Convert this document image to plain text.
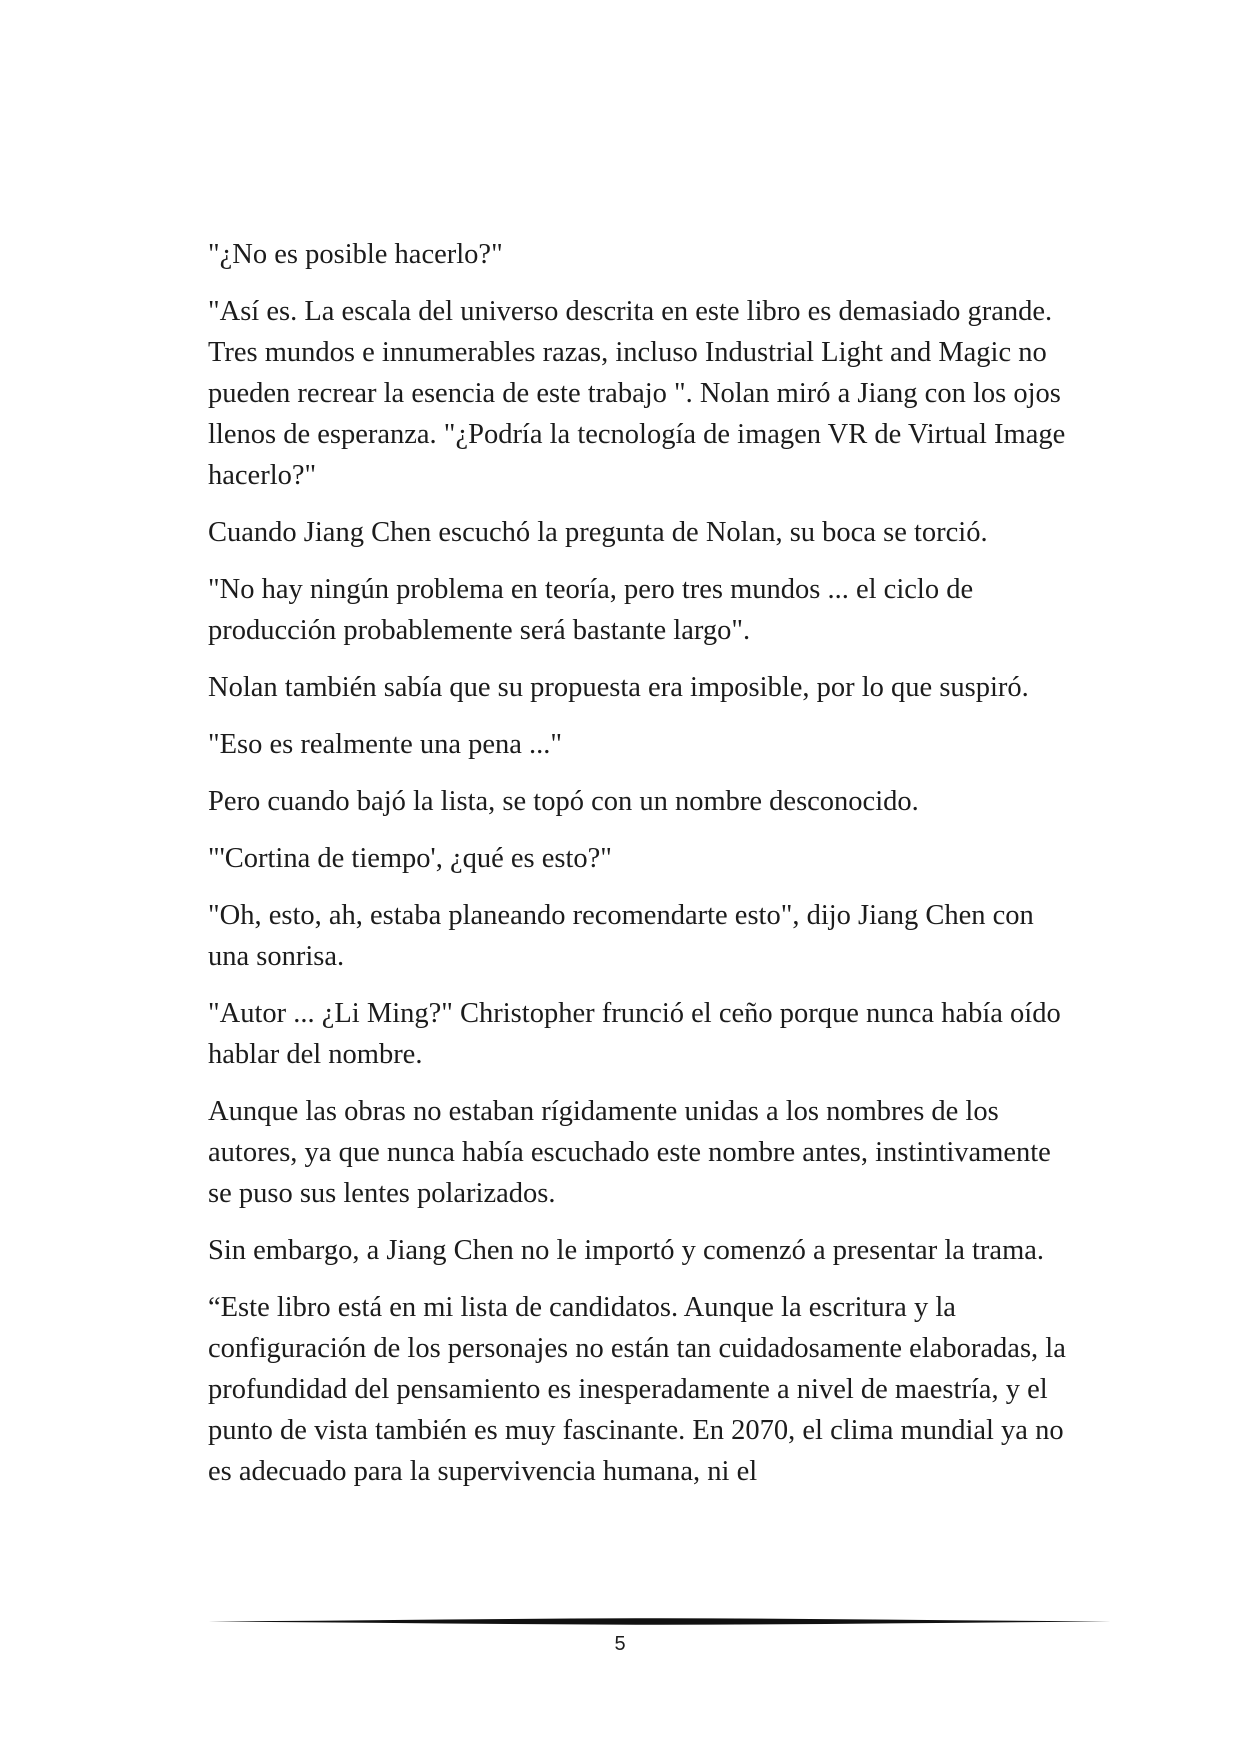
"¿No es posible hacerlo?"

"Así es. La escala del universo descrita en este libro es demasiado grande. Tres mundos e innumerables razas, incluso Industrial Light and Magic no pueden recrear la esencia de este trabajo ". Nolan miró a Jiang con los ojos llenos de esperanza. "¿Podría la tecnología de imagen VR de Virtual Image hacerlo?"

Cuando Jiang Chen escuchó la pregunta de Nolan, su boca se torció.

"No hay ningún problema en teoría, pero tres mundos ... el ciclo de producción probablemente será bastante largo".

Nolan también sabía que su propuesta era imposible, por lo que suspiró.

"Eso es realmente una pena ..."

Pero cuando bajó la lista, se topó con un nombre desconocido.

"'Cortina de tiempo', ¿qué es esto?"

"Oh, esto, ah, estaba planeando recomendarte esto", dijo Jiang Chen con una sonrisa.

"Autor ... ¿Li Ming?" Christopher frunció el ceño porque nunca había oído hablar del nombre.

Aunque las obras no estaban rígidamente unidas a los nombres de los autores, ya que nunca había escuchado este nombre antes, instintivamente se puso sus lentes polarizados.

Sin embargo, a Jiang Chen no le importó y comenzó a presentar la trama.

“Este libro está en mi lista de candidatos. Aunque la escritura y la configuración de los personajes no están tan cuidadosamente elaboradas, la profundidad del pensamiento es inesperadamente a nivel de maestría, y el punto de vista también es muy fascinante. En 2070, el clima mundial ya no es adecuado para la supervivencia humana, ni el

5
